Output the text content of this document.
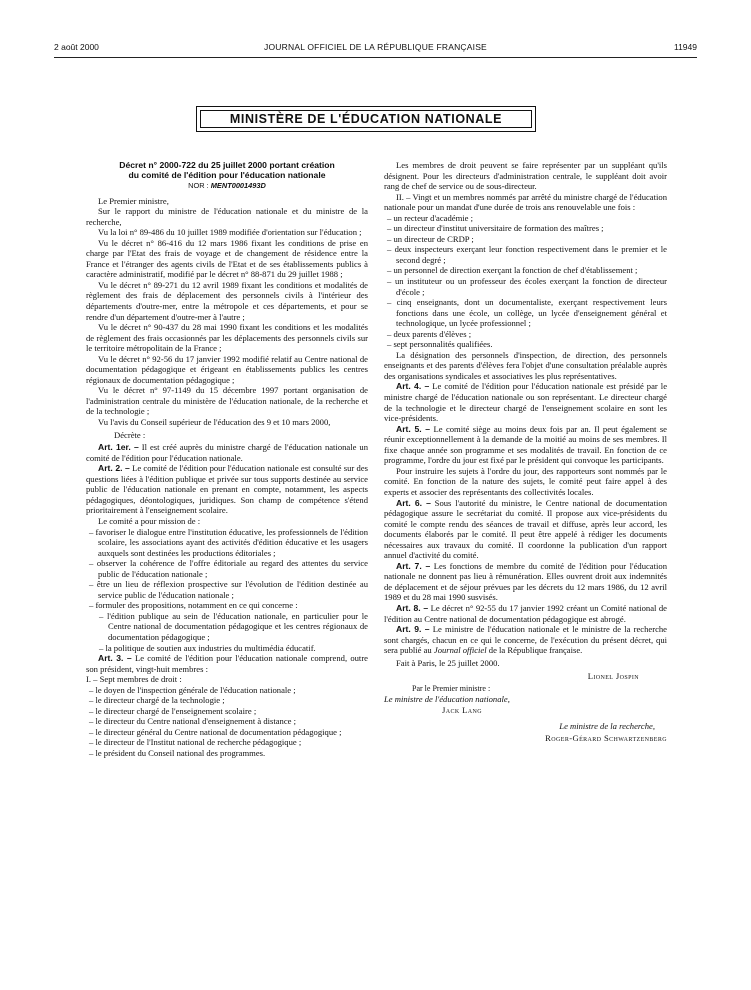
2 août 2000	JOURNAL OFFICIEL DE LA RÉPUBLIQUE FRANÇAISE	11949
MINISTÈRE DE L'ÉDUCATION NATIONALE
Décret n° 2000-722 du 25 juillet 2000 portant création
du comité de l'édition pour l'éducation nationale
NOR : MENT0001493D

Le Premier ministre,

Sur le rapport du ministre de l'éducation nationale et du ministre de la recherche,

Vu la loi n° 89-486 du 10 juillet 1989 modifiée d'orientation sur l'éducation ;

Vu le décret n° 86-416 du 12 mars 1986 fixant les conditions de prise en charge par l'Etat des frais de voyage et de changement de résidence entre la France et l'étranger des agents civils de l'Etat et de ses établissements publics à caractère administratif, modifié par le décret n° 88-871 du 29 juillet 1988 ;

Vu le décret n° 89-271 du 12 avril 1989 fixant les conditions et modalités de règlement des frais de déplacement des personnels civils à l'intérieur des départements d'outre-mer, entre la métropole et ces départements, et pour se rendre d'un département d'outre-mer à l'autre ;

Vu le décret n° 90-437 du 28 mai 1990 fixant les conditions et les modalités de règlement des frais occasionnés par les déplacements des personnels civils sur le territoire métropolitain de la France ;

Vu le décret n° 92-56 du 17 janvier 1992 modifié relatif au Centre national de documentation pédagogique et érigeant en établissements publics les centres régionaux de documentation pédagogique ;

Vu le décret n° 97-1149 du 15 décembre 1997 portant organisation de l'administration centrale du ministère de l'éducation nationale, de la recherche et de la technologie ;

Vu l'avis du Conseil supérieur de l'éducation des 9 et 10 mars 2000,

Décrète :

Art. 1er. – Il est créé auprès du ministre chargé de l'éducation nationale un comité de l'édition pour l'éducation nationale.

Art. 2. – Le comité de l'édition pour l'éducation nationale est consulté sur des questions liées à l'édition publique et privée sur tous supports destinée au service public de l'éducation nationale en prenant en compte, notamment, les aspects pédagogiques, déontologiques, juridiques. Son champ de compétence s'étend prioritairement à l'enseignement scolaire.

Le comité a pour mission de :

– favoriser le dialogue entre l'institution éducative, les professionnels de l'édition scolaire, les associations ayant des activités d'édition éducative et les usagers auxquels sont destinées les productions éditoriales ;

– observer la cohérence de l'offre éditoriale au regard des attentes du service public de l'éducation nationale ;

– être un lieu de réflexion prospective sur l'évolution de l'édition destinée au service public de l'éducation nationale ;

– formuler des propositions, notamment en ce qui concerne :

– l'édition publique au sein de l'éducation nationale, en particulier pour le Centre national de documentation pédagogique et les centres régionaux de documentation pédagogique ;

– la politique de soutien aux industries du multimédia éducatif.

Art. 3. – Le comité de l'édition pour l'éducation nationale comprend, outre son président, vingt-huit membres :

I. – Sept membres de droit :

– le doyen de l'inspection générale de l'éducation nationale ;

– le directeur chargé de la technologie ;

– le directeur chargé de l'enseignement scolaire ;

– le directeur du Centre national d'enseignement à distance ;

– le directeur général du Centre national de documentation pédagogique ;

– le directeur de l'Institut national de recherche pédagogique ;

– le président du Conseil national des programmes.

Les membres de droit peuvent se faire représenter par un suppléant qu'ils désignent. Pour les directeurs d'administration centrale, le suppléant doit avoir rang de chef de service ou de sous-directeur.

II. – Vingt et un membres nommés par arrêté du ministre chargé de l'éducation nationale pour un mandat d'une durée de trois ans renouvelable une fois :

– un recteur d'académie ;

– un directeur d'institut universitaire de formation des maîtres ;

– un directeur de CRDP ;

– deux inspecteurs exerçant leur fonction respectivement dans le premier et le second degré ;

– un personnel de direction exerçant la fonction de chef d'établissement ;

– un instituteur ou un professeur des écoles exerçant la fonction de directeur d'école ;

– cinq enseignants, dont un documentaliste, exerçant respectivement leurs fonctions dans une école, un collège, un lycée d'enseignement général et technologique, un lycée professionnel ;

– deux parents d'élèves ;

– sept personnalités qualifiées.

La désignation des personnels d'inspection, de direction, des personnels enseignants et des parents d'élèves fera l'objet d'une consultation préalable auprès des organisations syndicales et associatives les plus représentatives.

Art. 4. – Le comité de l'édition pour l'éducation nationale est présidé par le ministre chargé de l'éducation nationale ou son représentant. Le directeur chargé de la technologie et le directeur chargé de l'enseignement scolaire en sont les vice-présidents.

Art. 5. – Le comité siège au moins deux fois par an. Il peut également se réunir exceptionnellement à la demande de la moitié au moins de ses membres. Il fixe chaque année son programme et ses modalités de travail. En fonction de ce programme, l'ordre du jour est fixé par le président qui convoque les participants.

Pour instruire les sujets à l'ordre du jour, des rapporteurs sont nommés par le comité. En fonction de la nature des sujets, le comité peut faire appel à des experts et associer des représentants des collectivités locales.

Art. 6. – Sous l'autorité du ministre, le Centre national de documentation pédagogique assure le secrétariat du comité. Il propose aux vice-présidents du comité le compte rendu des séances de travail et diffuse, après leur accord, les documents élaborés par le comité. Il peut être appelé à rédiger les documents nécessaires aux travaux du comité. Il coordonne la publication d'un rapport annuel d'activité du comité.

Art. 7. – Les fonctions de membre du comité de l'édition pour l'éducation nationale ne donnent pas lieu à rémunération. Elles ouvrent droit aux indemnités de déplacement et de séjour prévues par les décrets du 12 mars 1986, du 12 avril 1989 et du 28 mai 1990 susvisés.

Art. 8. – Le décret n° 92-55 du 17 janvier 1992 créant un Comité national de l'édition au Centre national de documentation pédagogique est abrogé.

Art. 9. – Le ministre de l'éducation nationale et le ministre de la recherche sont chargés, chacun en ce qui le concerne, de l'exécution du présent décret, qui sera publié au Journal officiel de la République française.

Fait à Paris, le 25 juillet 2000.

Lionel Jospin

Par le Premier ministre :

Le ministre de l'éducation nationale,

Jack Lang

Le ministre de la recherche,

Roger-Gérard Schwartzenberg
